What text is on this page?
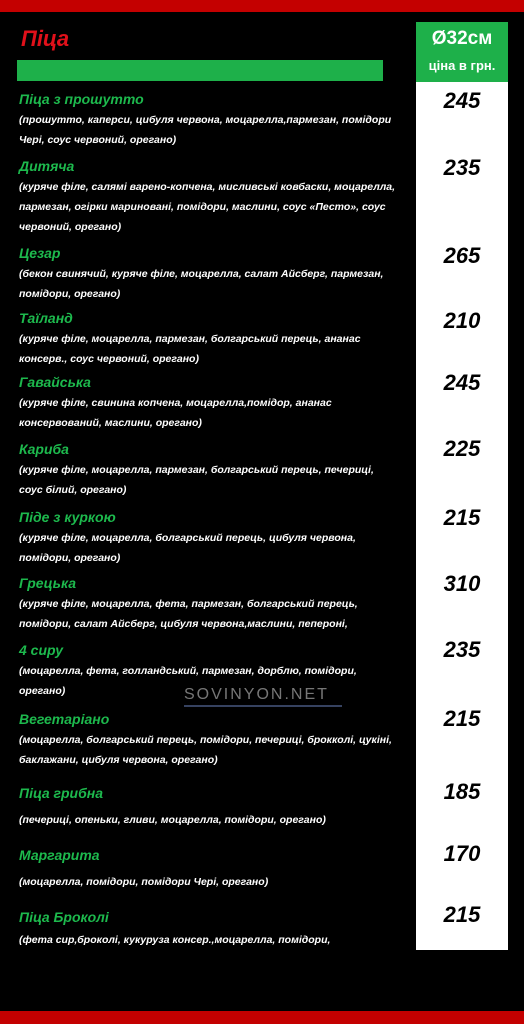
Піца	Ø32см
ціна в грн.
Піца з прошутто
(прошутто, каперси, цибуля червона, моцарелла,пармезан, помідори Чері, соус червоний, орегано)
245
Дитяча
(куряче філе, салямі варено-копчена, мисливські ковбаски, моцарелла, пармезан, огірки мариновані, помідори, маслини, соус «Песто», соус червоний, орегано)
235
Цезар
(бекон свинячий, куряче філе, моцарелла, салат Айсберг, пармезан, помідори, орегано)
265
Таїланд
(куряче філе, моцарелла, пармезан, болгарський перець, ананас консерв., соус червоний, орегано)
210
Гавайська
(куряче філе, свинина копчена, моцарелла,помідор, ананас консервований, маслини, орегано)
245
Кариба
(куряче філе, моцарелла, пармезан, болгарський перець, печериці, соус білий, орегано)
225
Піде з куркою
(куряче філе, моцарелла, болгарський перець, цибуля червона, помідори, орегано)
215
Грецька
(куряче філе, моцарелла, фета, пармезан, болгарський перець, помідори, салат Айсберг, цибуля червона,маслини, пепероні,
310
4 сиру
(моцарелла, фета, голландський, пармезан, дорблю, помідори, орегано)
235
Вегетаріано
(моцарелла, болгарський перець, помідори, печериці, брокколі, цукіні, баклажани, цибуля червона, орегано)
215
Піца грибна
(печериці, опеньки, гливи, моцарелла, помідори, орегано)
185
Маргарита
(моцарелла, помідори, помідори Чері, орегано)
170
Піца Броколі
(фета сир,броколі, кукуруза консер.,моцарелла, помідори,
215
SOVINYON.NET
